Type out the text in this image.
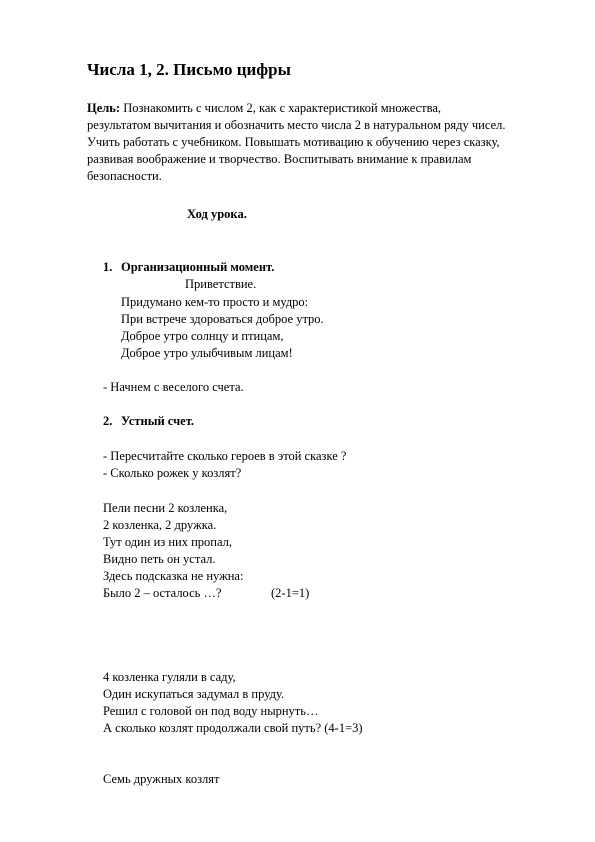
Числа 1, 2. Письмо цифры
Цель: Познакомить с числом 2, как с характеристикой множества,
результатом вычитания и обозначить место числа 2 в натуральном ряду чисел.
Учить работать с учебником. Повышать мотивацию к обучению через сказку,
развивая воображение и творчество. Воспитывать внимание к правилам
безопасности.
Ход урока.
1. Организационный момент.
Приветствие.
Придумано кем-то просто и мудро:
При встрече здороваться доброе утро.
Доброе утро солнцу и птицам,
Доброе утро улыбчивым лицам!
- Начнем с веселого счета.
2. Устный счет.
- Пересчитайте сколько героев в этой сказке ?
- Сколько рожек у козлят?
Пели песни 2 козленка,
2 козленка, 2 дружка.
Тут один из них пропал,
Видно петь он устал.
Здесь подсказка не нужна:
Было 2 – осталось …?	(2-1=1)
4 козленка гуляли в саду,
Один искупаться задумал в пруду.
Решил с головой он под воду нырнуть…
А сколько козлят продолжали свой путь? (4-1=3)
Семь дружных козлят
